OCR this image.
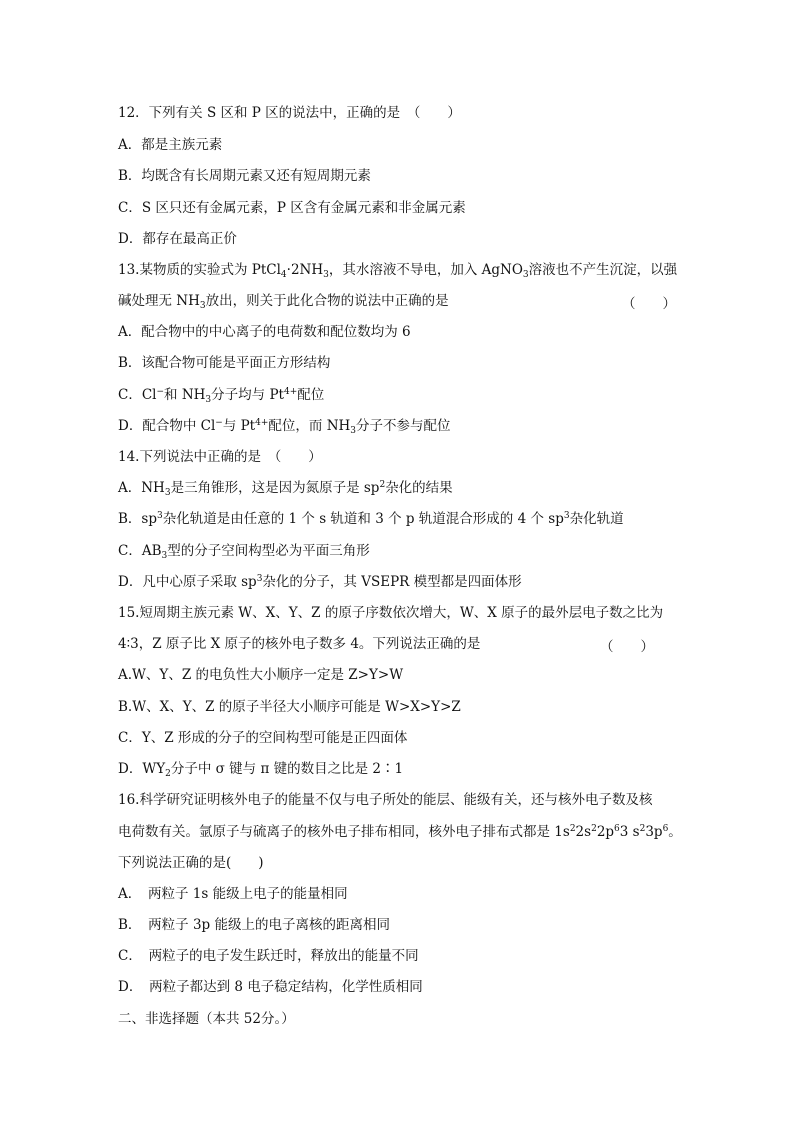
12．下列有关 S 区和 P 区的说法中，正确的是　（　　）
A．都是主族元素
B．均既含有长周期元素又还有短周期元素
C．S 区只还有金属元素，P 区含有金属元素和非金属元素
D．都存在最高正价
13.某物质的实验式为 $PtCl_4\cdot 2NH_3$，其水溶液不导电，加入 AgNO$_3$溶液也不产生沉淀，以强
碱处理无 $NH_3$放出，则关于此化合物的说法中正确的是	（　　）
A．配合物中的中心离子的电荷数和配位数均为 6
B．该配合物可能是平面正方形结构
C．Cl−和 $NH_3$分子均与 $Pt^{4+}$配位
D．配合物中 Cl−与 $Pt^{4+}$配位，而 $NH_3$分子不参与配位
14.下列说法中正确的是　（　　）
A．$NH_3$是三角锥形，这是因为氮原子是 $sp^2$杂化的结果
B．$sp^3$杂化轨道是由任意的 1 个 s 轨道和 3 个 p 轨道混合形成的 4 个 $sp^3$杂化轨道
C．$AB_3$型的分子空间构型必为平面三角形
D．凡中心原子采取 $sp^3$杂化的分子，其 VSEPR 模型都是四面体形
15.短周期主族元素 W、X、Y、Z 的原子序数依次增大，W、X 原子的最外层电子数之比为
4∶3，Z 原子比 X 原子的核外电子数多 4。下列说法正确的是	（　　）
A.W、Y、Z 的电负性大小顺序一定是 Z>Y>W
B.W、X、Y、Z 的原子半径大小顺序可能是 W>X>Y>Z
C．Y、Z 形成的分子的空间构型可能是正四面体
D．$WY_2$分子中 σ 键与 π 键的数目之比是 2∶1
16.科学研究证明核外电子的能量不仅与电子所处的能层、能级有关，还与核外电子数及核
电荷数有关。氩原子与硫离子的核外电子排布相同，核外电子排布式都是 $1s^22s^22p^63$ $s^23p^6$。
下列说法正确的是(　　)
A．　两粒子 1s 能级上电子的能量相同
B．　两粒子 3p 能级上的电子离核的距离相同
C．　两粒子的电子发生跃迁时，释放出的能量不同
D．　两粒子都达到 8 电子稳定结构，化学性质相同
二、非选择题（本共 52分。）
